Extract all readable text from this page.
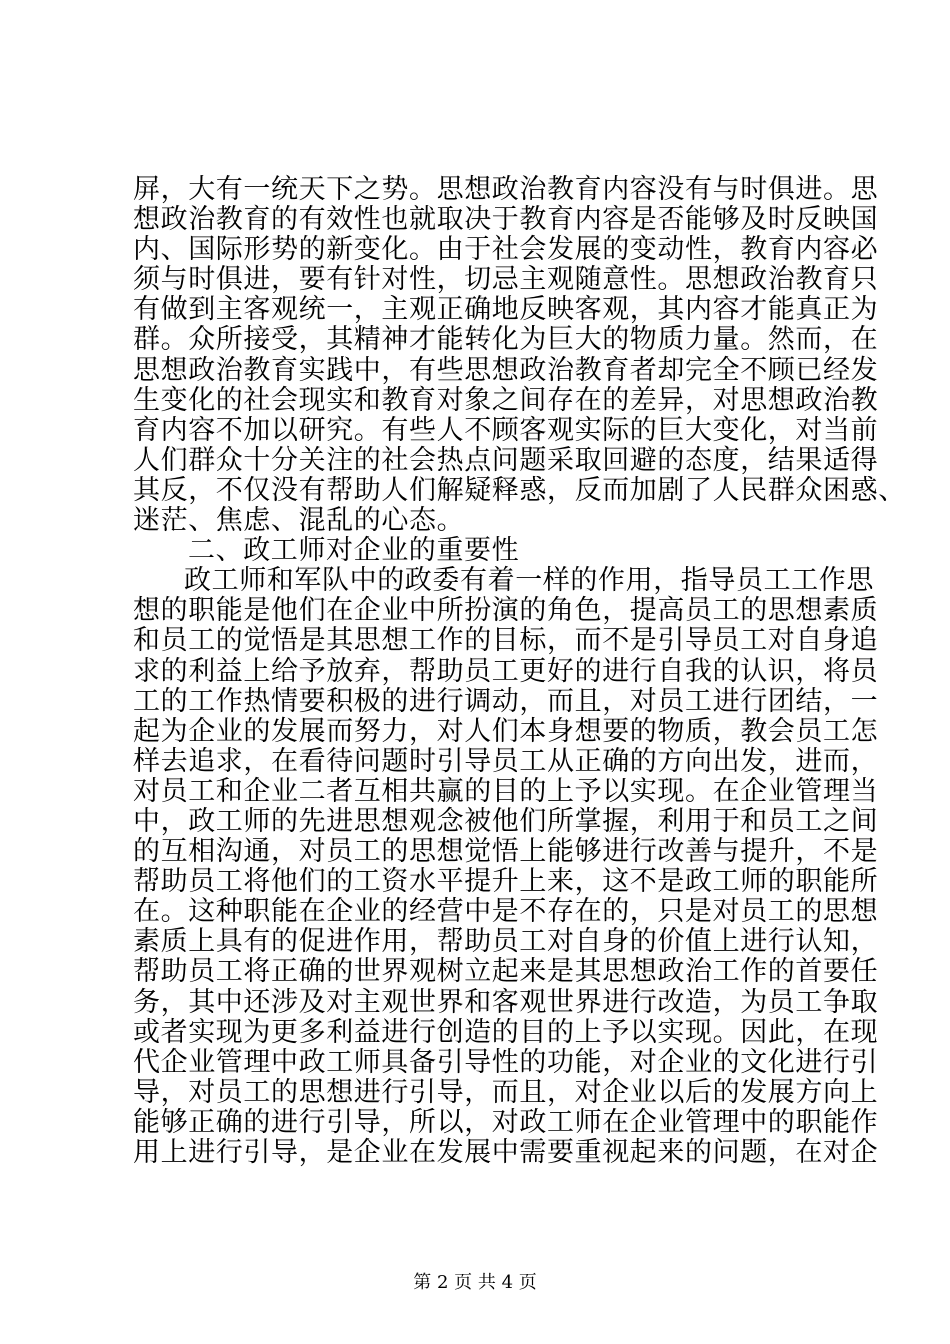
屏，大有一统天下之势。思想政治教育内容没有与时俱进。思
想政治教育的有效性也就取决于教育内容是否能够及时反映国
内、国际形势的新变化。由于社会发展的变动性，教育内容必
须与时俱进，要有针对性，切忌主观随意性。思想政治教育只
有做到主客观统一，主观正确地反映客观，其内容才能真正为
群。众所接受，其精神才能转化为巨大的物质力量。然而，在
思想政治教育实践中，有些思想政治教育者却完全不顾已经发
生变化的社会现实和教育对象之间存在的差异，对思想政治教
育内容不加以研究。有些人不顾客观实际的巨大变化，对当前
人们群众十分关注的社会热点问题采取回避的态度，结果适得
其反，不仅没有帮助人们解疑释惑，反而加剧了人民群众困惑、
迷茫、焦虑、混乱的心态。
二、政工师对企业的重要性
政工师和军队中的政委有着一样的作用，指导员工工作思
想的职能是他们在企业中所扮演的角色，提高员工的思想素质
和员工的觉悟是其思想工作的目标，而不是引导员工对自身追
求的利益上给予放弃，帮助员工更好的进行自我的认识，将员
工的工作热情要积极的进行调动，而且，对员工进行团结，一
起为企业的发展而努力，对人们本身想要的物质，教会员工怎
样去追求，在看待问题时引导员工从正确的方向出发，进而，
对员工和企业二者互相共赢的目的上予以实现。在企业管理当
中，政工师的先进思想观念被他们所掌握，利用于和员工之间
的互相沟通，对员工的思想觉悟上能够进行改善与提升，不是
帮助员工将他们的工资水平提升上来，这不是政工师的职能所
在。这种职能在企业的经营中是不存在的，只是对员工的思想
素质上具有的促进作用，帮助员工对自身的价值上进行认知，
帮助员工将正确的世界观树立起来是其思想政治工作的首要任
务，其中还涉及对主观世界和客观世界进行改造，为员工争取
或者实现为更多利益进行创造的目的上予以实现。因此，在现
代企业管理中政工师具备引导性的功能，对企业的文化进行引
导，对员工的思想进行引导，而且，对企业以后的发展方向上
能够正确的进行引导，所以，对政工师在企业管理中的职能作
用上进行引导，是企业在发展中需要重视起来的问题，在对企
第 2 页 共 4 页
